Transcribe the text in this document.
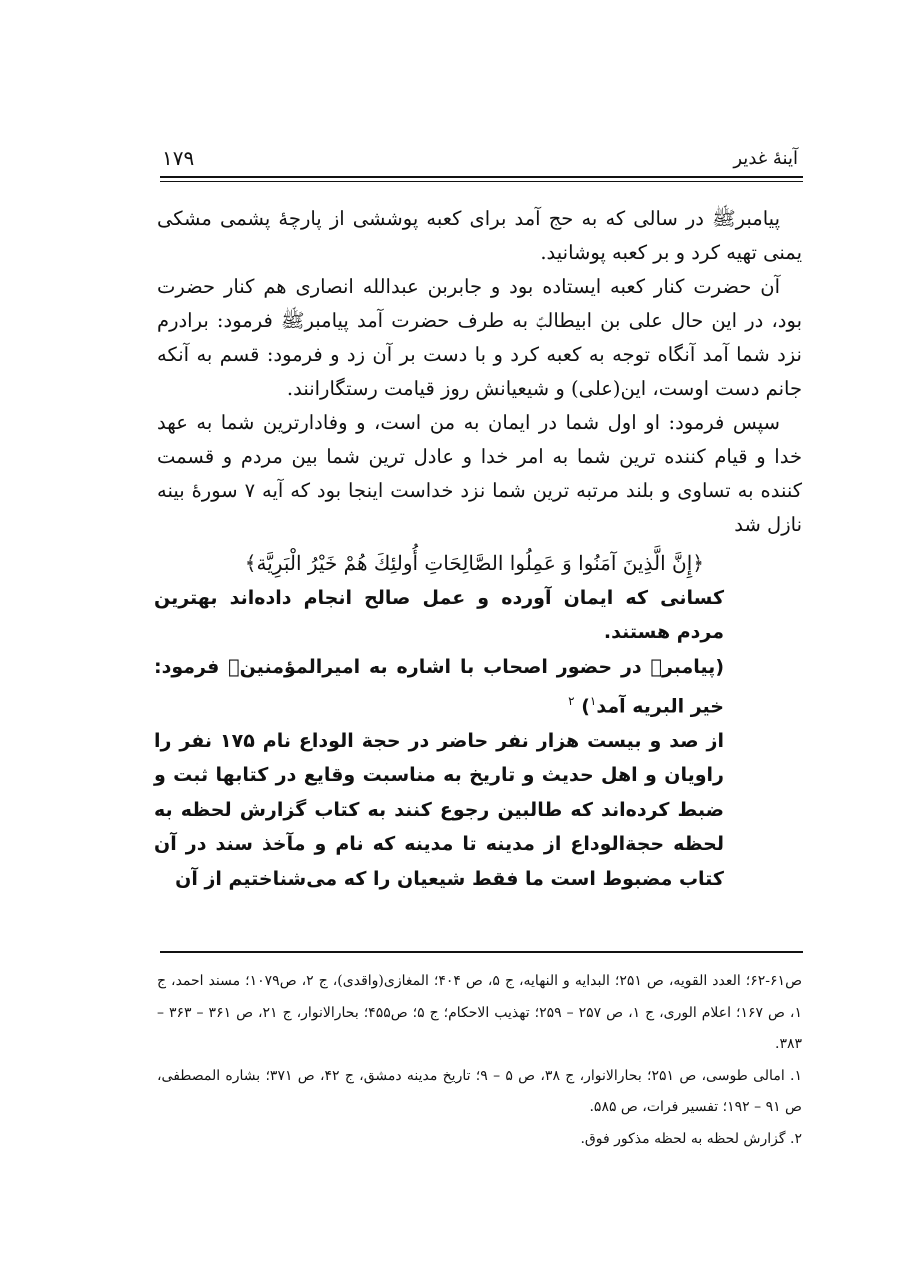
آینهٔ غدیر
۱۷۹

پیامبرﷺ در سالی که به حج آمد برای کعبه پوششی از پارچهٔ پشمی مشکی یمنی تهیه کرد و بر کعبه پوشانید.

آن حضرت کنار کعبه ایستاده بود و جابربن عبدالله انصاری هم کنار حضرت بود، در این حال علی بن ابیطالبؑ به طرف حضرت آمد پیامبرﷺ فرمود: برادرم نزد شما آمد آنگاه توجه به کعبه کرد و با دست بر آن زد و فرمود: قسم به آنکه جانم دست اوست، این(علی) و شیعیانش روز قیامت رستگارانند.

سپس فرمود: او اول شما در ایمان به من است، و وفادارترین شما به عهد خدا و قیام کننده ترین شما به امر خدا و عادل ترین شما بین مردم و قسمت کننده به تساوی و بلند مرتبه ترین شما نزد خداست اینجا بود که آیه ۷ سورهٔ بینه نازل شد

﴿إِنَّ الَّذِينَ آمَنُوا وَ عَمِلُوا الصَّالِحَاتِ أُولئِكَ هُمْ خَيْرُ الْبَرِيَّة﴾

کسانی که ایمان آورده و عمل صالح انجام داده‌اند بهترین مردم هستند.

(پیامبرﷺ در حضور اصحاب با اشاره به امیرالمؤمنینؑ فرمود: خیر البریه آمد$^۱$) $^۲$

از صد و بیست هزار نفر حاضر در حجة الوداع نام ۱۷۵ نفر را راویان و اهل حدیث و تاریخ به مناسبت وقایع در کتابها ثبت و ضبط کرده‌اند که طالبین رجوع کنند به کتاب گزارش لحظه به لحظه حجةالوداع از مدینه تا مدینه که نام و مآخذ سند در آن کتاب مضبوط است ما فقط شیعیان را که می‌شناختیم از آن

ص۶۱-۶۲؛ العدد القویه، ص ۲۵۱؛ البدایه و النهایه، ج ۵، ص ۴۰۴؛ المغازی(واقدی)، ج ۲، ص۱۰۷۹؛ مسند احمد، ج ۱، ص ۱۶۷؛ اعلام الوری، ج ۱، ص ۲۵۷ – ۲۵۹؛ تهذیب الاحکام؛ ج ۵؛ ص۴۵۵؛ بحارالانوار، ج ۲۱، ص ۳۶۱ – ۳۶۳ – ۳۸۳.

۱. امالی طوسی، ص ۲۵۱؛ بحارالانوار، ج ۳۸، ص ۵ – ۹؛ تاریخ مدینه دمشق، ج ۴۲، ص ۳۷۱؛ بشاره المصطفی، ص ۹۱ – ۱۹۲؛ تفسیر فرات، ص ۵۸۵.

۲. گزارش لحظه به لحظه مذکور فوق.
